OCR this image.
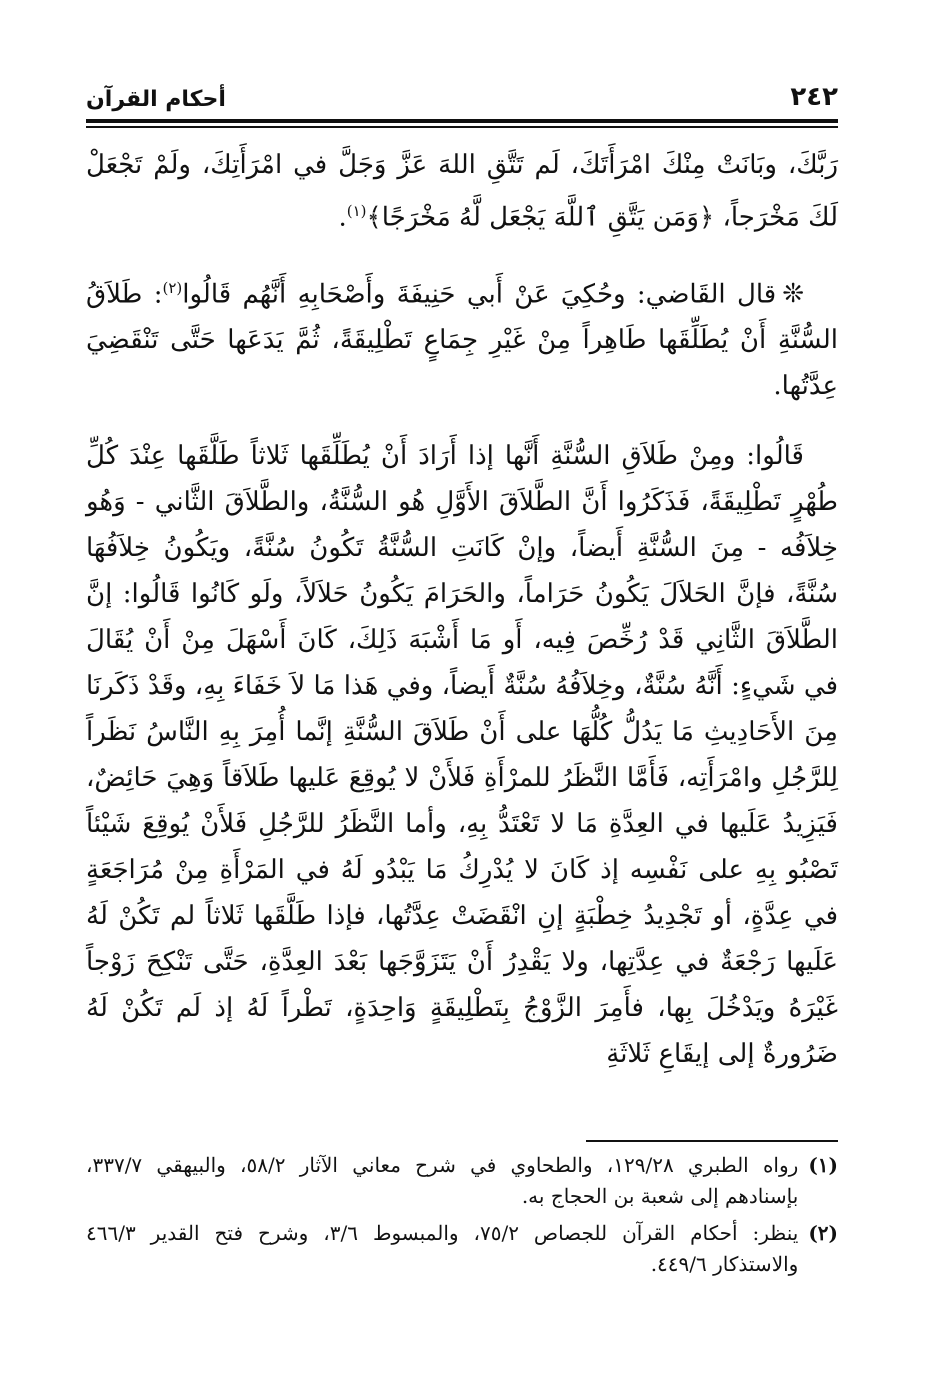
٢٤٢
أحكام القرآن

رَبَّكَ، وبَانَتْ مِنْكَ امْرَأَتَكَ، لَم تَتَّقِ اللهَ عَزَّ وَجَلَّ في امْرَأَتِكَ، ولَمْ تَجْعَلْ لَكَ مَخْرَجاً، ﴿وَمَن يَتَّقِ ٱللَّهَ يَجْعَل لَّهُ مَخْرَجًا﴾$^{(١)}$.

❊قال القَاضي: وحُكِيَ عَنْ أَبي حَنِيفَةَ وأَصْحَابِهِ أَنَّهُم قَالُوا$^{(٢)}$: طَلاَقُ السُّنَّةِ أَنْ يُطَلِّقَها طَاهِراً مِنْ غَيْرِ جِمَاعٍ تَطْلِيقَةً، ثُمَّ يَدَعَها حَتَّى تَنْقَضِيَ عِدَّتُها.

قَالُوا: ومِنْ طَلاَقِ السُّنَّةِ أَنَّها إذا أَرَادَ أَنْ يُطَلِّقَها ثَلاثاً طَلَّقَها عِنْدَ كُلِّ طُهْرٍ تَطْلِيقَةً، فَذَكَرُوا أَنَّ الطَّلاَقَ الأَوَّلِ هُو السُّنَّةُ، والطَّلاَقَ الثَّاني - وَهُو خِلاَفُه - مِنَ السُّنَّةِ أَيضاً، وإنْ كَانَتِ السُّنَّةُ تَكُونُ سُنَّةً، ويَكُونُ خِلاَفُهَا سُنَّةً، فإنَّ الحَلاَلَ يَكُونُ حَرَاماً، والحَرَامَ يَكُونُ حَلاَلاً، ولَو كَانُوا قَالُوا: إنَّ الطَّلاَقَ الثَّانِي قَدْ رُخِّصَ فِيه، أَو مَا أَشْبَهَ ذَلِكَ، كَانَ أَسْهَلَ مِنْ أَنْ يُقَالَ في شَيءٍ: أَنَّهُ سُنَّةٌ، وخِلاَفُهُ سُنَّةٌ أَيضاً، وفي هَذا مَا لاَ خَفَاءَ بِهِ، وقَدْ ذَكَرنَا مِنَ الأَحَادِيثِ مَا يَدُلُّ كُلُّهَا على أَنْ طَلاَقَ السُّنَّةِ إنَّما أُمِرَ بِهِ النَّاسُ نَظَراً لِلرَّجُلِ وامْرَأَتِه، فَأَمَّا النَّظَرُ للمرْأَةِ فَلأَنْ لا يُوقِعَ عَليها طَلاَقاً وَهِيَ حَائِضٌ، فَيَزِيدُ عَلَيها في العِدَّةِ مَا لا تَعْتَدُّ بِهِ، وأما النَّظَرُ للرَّجُلِ فَلأَنْ يُوقِعَ شَيْئاً تَصْبُو بِهِ على نَفْسِه إذ كَانَ لا يُدْرِكُ مَا يَبْدُو لَهُ في المَرْأَةِ مِنْ مُرَاجَعَةٍ في عِدَّةٍ، أو تَجْدِيدُ خِطْبَةٍ إنِ انْقَضَتْ عِدَّتُها، فإذا طَلَّقَها ثَلاثاً لم تَكُنْ لَهُ عَلَيها رَجْعَةٌ في عِدَّتِها، ولا يَقْدِرُ أَنْ يَتَزَوَّجَها بَعْدَ العِدَّةِ، حَتَّى تَنْكِحَ زَوْجاً غَيْرَهُ ويَدْخُلَ بِها، فأَمِرَ الزَّوْجُ بِتَطْلِيقَةٍ وَاحِدَةٍ، تَطْراً لَهُ إذ لَم تَكُنْ لَهُ ضَرُورةٌ إلى إيقَاعِ ثَلاثَةِ

(١)
رواه الطبري ١٢٩/٢٨، والطحاوي في شرح معاني الآثار ٥٨/٢، والبيهقي ٣٣٧/٧، بإسنادهم إلى شعبة بن الحجاج به.
(٢)
ينظر: أحكام القرآن للجصاص ٧٥/٢، والمبسوط ٣/٦، وشرح فتح القدير ٤٦٦/٣ والاستذكار ٤٤٩/٦.
